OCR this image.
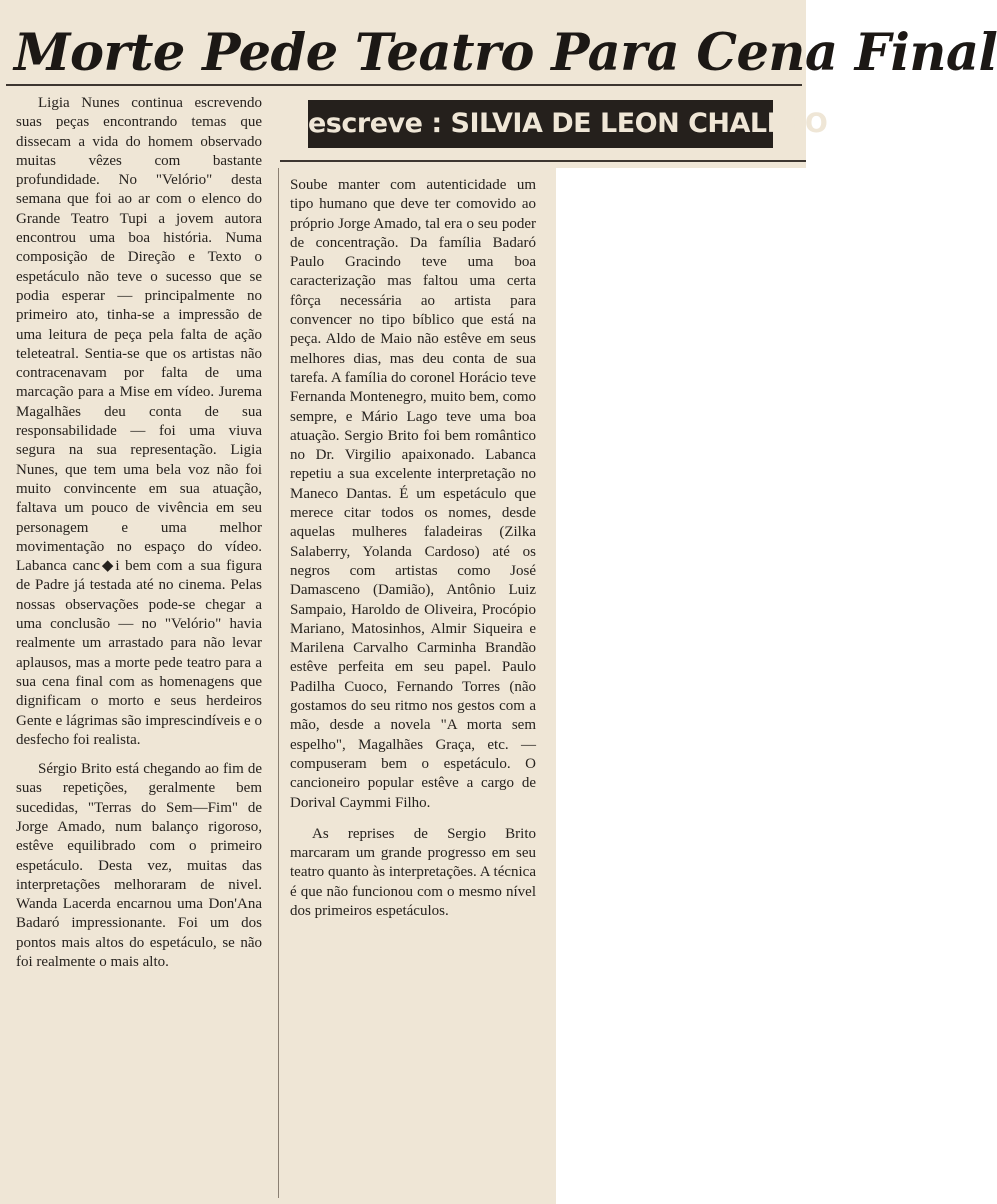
Morte Pede Teatro Para Cena Final
escreve : SILVIA DE LEON CHALREO

Ligia Nunes continua escrevendo suas peças encontrando temas que dissecam a vida do homem observado muitas vêzes com bastante profundidade. No "Velório" desta semana que foi ao ar com o elenco do Grande Teatro Tupi a jovem autora encontrou uma boa história. Numa composição de Direção e Texto o espetáculo não teve o sucesso que se podia esperar — principalmente no primeiro ato, tinha-se a impressão de uma leitura de peça pela falta de ação teleteatral. Sentia-se que os artistas não contracenavam por falta de uma marcação para a Mise em vídeo. Jurema Magalhães deu conta de sua responsabilidade — foi uma viuva segura na sua representação. Ligia Nunes, que tem uma bela voz não foi muito convincente em sua atuação, faltava um pouco de vivência em seu personagem e uma melhor movimentação no espaço do vídeo. Labanca canc◆i bem com a sua figura de Padre já testada até no cinema. Pelas nossas observações pode-se chegar a uma conclusão — no "Velório" havia realmente um arrastado para não levar aplausos, mas a morte pede teatro para a sua cena final com as homenagens que dignificam o morto e seus herdeiros Gente e lágrimas são imprescindíveis e o desfecho foi realista.

Sérgio Brito está chegando ao fim de suas repetições, geralmente bem sucedidas, "Terras do Sem—Fim" de Jorge Amado, num balanço rigoroso, estêve equilibrado com o primeiro espetáculo. Desta vez, muitas das interpretações melhoraram de nivel. Wanda Lacerda encarnou uma Don'Ana Badaró impressionante. Foi um dos pontos mais altos do espetáculo, se não foi realmente o mais alto.

Soube manter com autenticidade um tipo humano que deve ter comovido ao próprio Jorge Amado, tal era o seu poder de concentração. Da família Badaró Paulo Gracindo teve uma boa caracterização mas faltou uma certa fôrça necessária ao artista para convencer no tipo bíblico que está na peça. Aldo de Maio não estêve em seus melhores dias, mas deu conta de sua tarefa. A família do coronel Horácio teve Fernanda Montenegro, muito bem, como sempre, e Mário Lago teve uma boa atuação. Sergio Brito foi bem romântico no Dr. Virgilio apaixonado. Labanca repetiu a sua excelente interpretação no Maneco Dantas. É um espetáculo que merece citar todos os nomes, desde aquelas mulheres faladeiras (Zilka Salaberry, Yolanda Cardoso) até os negros com artistas como José Damasceno (Damião), Antônio Luiz Sampaio, Haroldo de Oliveira, Procópio Mariano, Matosinhos, Almir Siqueira e Marilena Carvalho Carminha Brandão estêve perfeita em seu papel. Paulo Padilha Cuoco, Fernando Torres (não gostamos do seu ritmo nos gestos com a mão, desde a novela "A morta sem espelho", Magalhães Graça, etc. — compuseram bem o espetáculo. O cancioneiro popular estêve a cargo de Dorival Caymmi Filho.

As reprises de Sergio Brito marcaram um grande progresso em seu teatro quanto às interpretações. A técnica é que não funcionou com o mesmo nível dos primeiros espetáculos.
